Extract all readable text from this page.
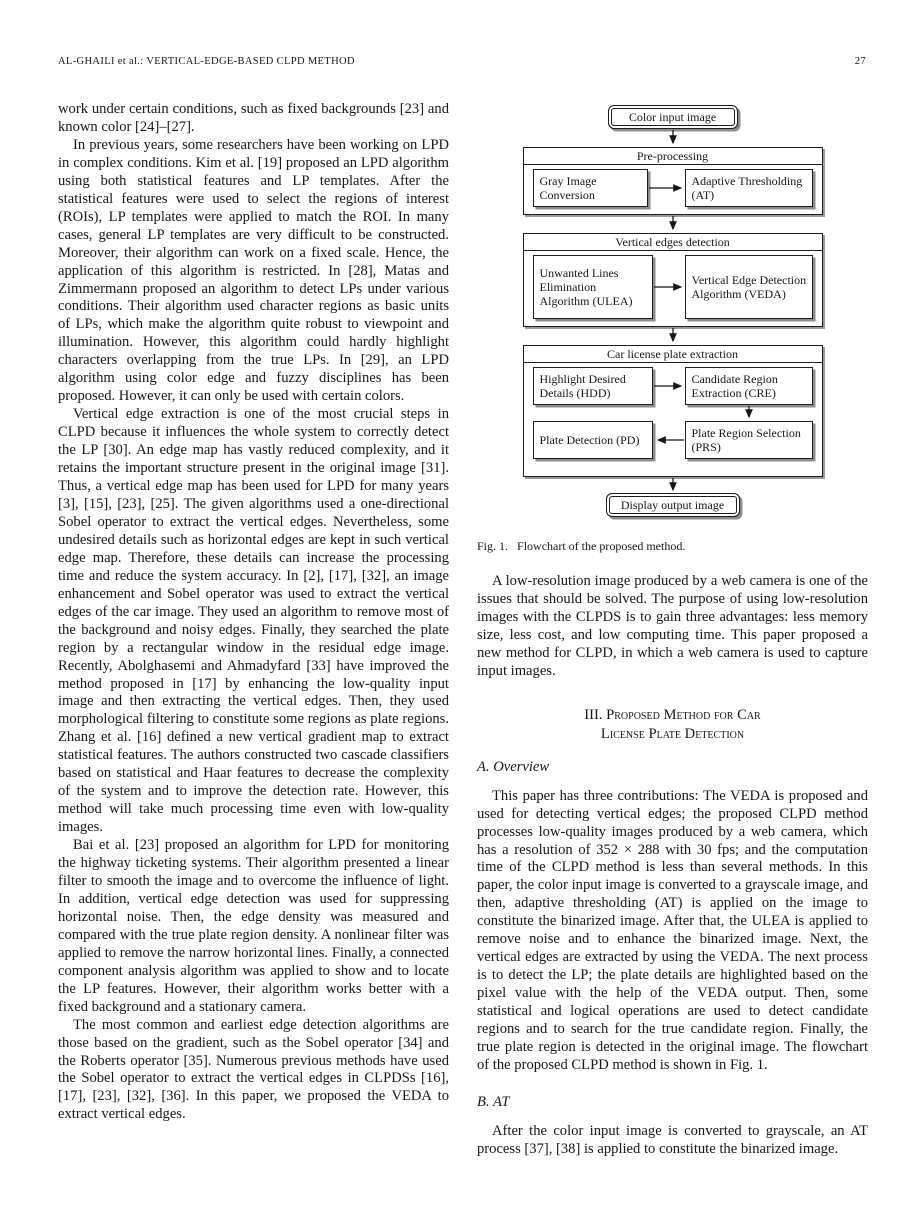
AL-GHAILI et al.: VERTICAL-EDGE-BASED CLPD METHOD	27

work under certain conditions, such as fixed backgrounds [23] and known color [24]–[27].

In previous years, some researchers have been working on LPD in complex conditions. Kim et al. [19] proposed an LPD algorithm using both statistical features and LP templates. After the statistical features were used to select the regions of interest (ROIs), LP templates were applied to match the ROI. In many cases, general LP templates are very difficult to be constructed. Moreover, their algorithm can work on a fixed scale. Hence, the application of this algorithm is restricted. In [28], Matas and Zimmermann proposed an algorithm to detect LPs under various conditions. Their algorithm used character regions as basic units of LPs, which make the algorithm quite robust to viewpoint and illumination. However, this algorithm could hardly highlight characters overlapping from the true LPs. In [29], an LPD algorithm using color edge and fuzzy disciplines has been proposed. However, it can only be used with certain colors.

Vertical edge extraction is one of the most crucial steps in CLPD because it influences the whole system to correctly detect the LP [30]. An edge map has vastly reduced complexity, and it retains the important structure present in the original image [31]. Thus, a vertical edge map has been used for LPD for many years [3], [15], [23], [25]. The given algorithms used a one-directional Sobel operator to extract the vertical edges. Nevertheless, some undesired details such as horizontal edges are kept in such vertical edge map. Therefore, these details can increase the processing time and reduce the system accuracy. In [2], [17], [32], an image enhancement and Sobel operator was used to extract the vertical edges of the car image. They used an algorithm to remove most of the background and noisy edges. Finally, they searched the plate region by a rectangular window in the residual edge image. Recently, Abolghasemi and Ahmadyfard [33] have improved the method proposed in [17] by enhancing the low-quality input image and then extracting the vertical edges. Then, they used morphological filtering to constitute some regions as plate regions. Zhang et al. [16] defined a new vertical gradient map to extract statistical features. The authors constructed two cascade classifiers based on statistical and Haar features to decrease the complexity of the system and to improve the detection rate. However, this method will take much processing time even with low-quality images.

Bai et al. [23] proposed an algorithm for LPD for monitoring the highway ticketing systems. Their algorithm presented a linear filter to smooth the image and to overcome the influence of light. In addition, vertical edge detection was used for suppressing horizontal noise. Then, the edge density was measured and compared with the true plate region density. A nonlinear filter was applied to remove the narrow horizontal lines. Finally, a connected component analysis algorithm was applied to show and to locate the LP features. However, their algorithm works better with a fixed background and a stationary camera.

The most common and earliest edge detection algorithms are those based on the gradient, such as the Sobel operator [34] and the Roberts operator [35]. Numerous previous methods have used the Sobel operator to extract the vertical edges in CLPDSs [16], [17], [23], [32], [36]. In this paper, we proposed the VEDA to extract vertical edges.

Pre-processing
Vertical edges detection
Car license plate extraction
Color input image
Gray Image Conversion
Adaptive Thresholding (AT)
Unwanted Lines Elimination Algorithm (ULEA)
Vertical Edge Detection Algorithm (VEDA)
Highlight Desired Details (HDD)
Candidate Region Extraction (CRE)
Plate Detection (PD)
Plate Region Selection (PRS)
Display output image
Fig. 1. Flowchart of the proposed method.

A low-resolution image produced by a web camera is one of the issues that should be solved. The purpose of using low-resolution images with the CLPDS is to gain three advantages: less memory size, less cost, and low computing time. This paper proposed a new method for CLPD, in which a web camera is used to capture input images.

III. Proposed Method for Car
License Plate Detection
A. Overview

This paper has three contributions: The VEDA is proposed and used for detecting vertical edges; the proposed CLPD method processes low-quality images produced by a web camera, which has a resolution of 352 × 288 with 30 fps; and the computation time of the CLPD method is less than several methods. In this paper, the color input image is converted to a grayscale image, and then, adaptive thresholding (AT) is applied on the image to constitute the binarized image. After that, the ULEA is applied to remove noise and to enhance the binarized image. Next, the vertical edges are extracted by using the VEDA. The next process is to detect the LP; the plate details are highlighted based on the pixel value with the help of the VEDA output. Then, some statistical and logical operations are used to detect candidate regions and to search for the true candidate region. Finally, the true plate region is detected in the original image. The flowchart of the proposed CLPD method is shown in Fig. 1.

B. AT

After the color input image is converted to grayscale, an AT process [37], [38] is applied to constitute the binarized image.
